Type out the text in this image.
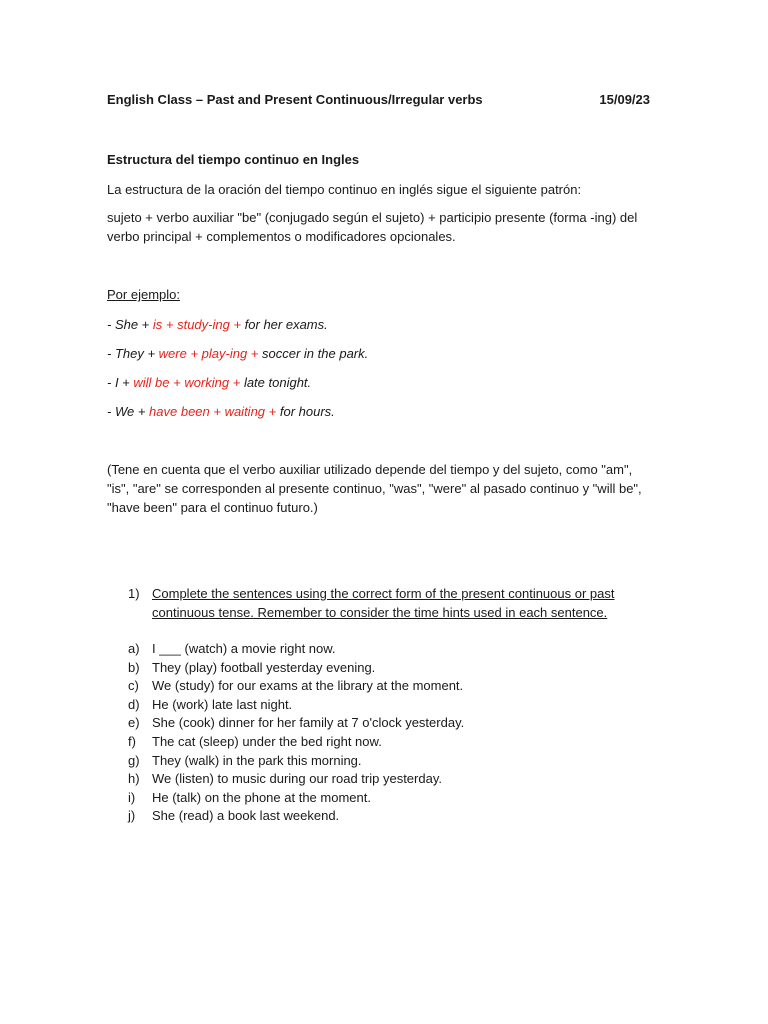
English Class – Past and Present Continuous/Irregular verbs	15/09/23

Estructura del tiempo continuo en Ingles

La estructura de la oración del tiempo continuo en inglés sigue el siguiente patrón:

sujeto + verbo auxiliar "be" (conjugado según el sujeto) + participio presente (forma -ing) del verbo principal + complementos o modificadores opcionales.

Por ejemplo:

- She + is + study-ing + for her exams.

- They + were + play-ing + soccer in the park.

- I + will be + working + late tonight.

- We + have been + waiting + for hours.

(Tene en cuenta que el verbo auxiliar utilizado depende del tiempo y del sujeto, como "am", "is", "are" se corresponden al presente continuo, "was", "were" al pasado continuo y "will be", "have been" para el continuo futuro.)

1) Complete the sentences using the correct form of the present continuous or past continuous tense. Remember to consider the time hints used in each sentence.
a) I ___ (watch) a movie right now.
b) They (play) football yesterday evening.
c) We (study) for our exams at the library at the moment.
d) He (work) late last night.
e) She (cook) dinner for her family at 7 o'clock yesterday.
f) The cat (sleep) under the bed right now.
g) They (walk) in the park this morning.
h) We (listen) to music during our road trip yesterday.
i) He (talk) on the phone at the moment.
j) She (read) a book last weekend.
